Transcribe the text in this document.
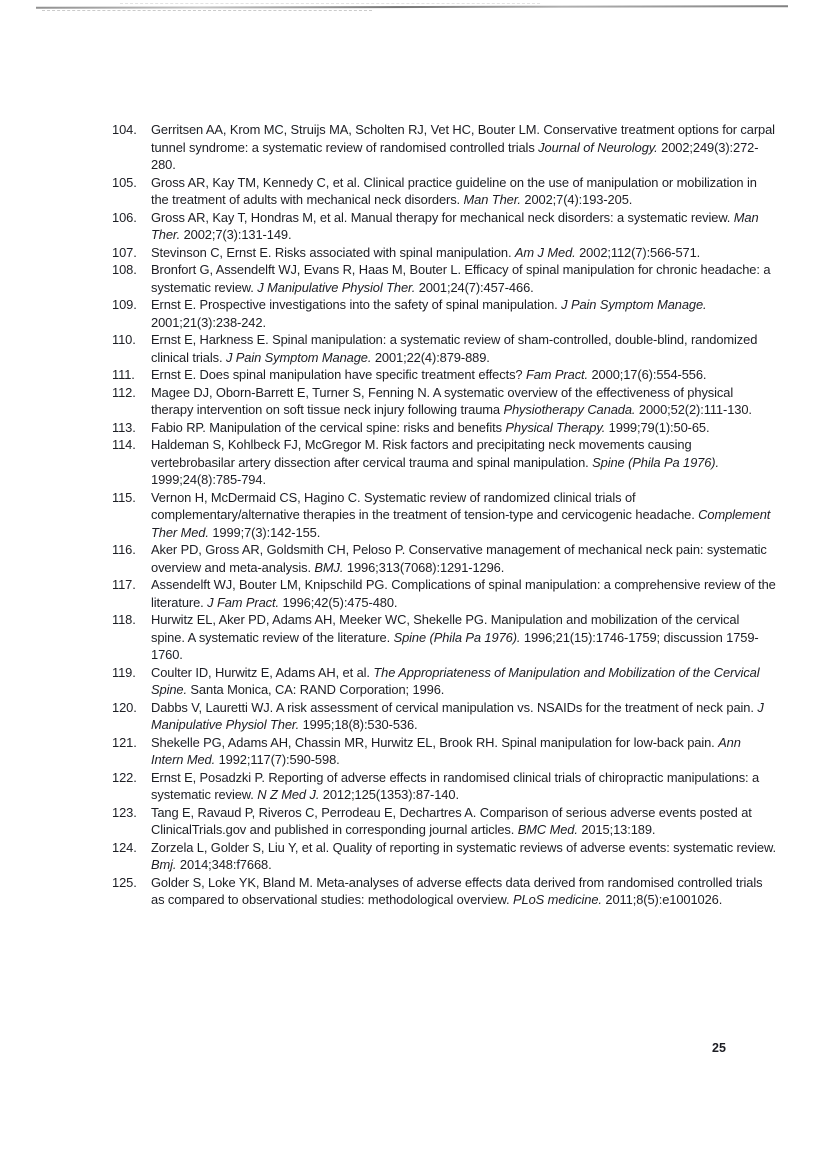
104.	Gerritsen AA, Krom MC, Struijs MA, Scholten RJ, Vet HC, Bouter LM. Conservative treatment options for carpal tunnel syndrome: a systematic review of randomised controlled trials Journal of Neurology. 2002;249(3):272-280.
105.	Gross AR, Kay TM, Kennedy C, et al. Clinical practice guideline on the use of manipulation or mobilization in the treatment of adults with mechanical neck disorders. Man Ther. 2002;7(4):193-205.
106.	Gross AR, Kay T, Hondras M, et al. Manual therapy for mechanical neck disorders: a systematic review. Man Ther. 2002;7(3):131-149.
107.	Stevinson C, Ernst E. Risks associated with spinal manipulation. Am J Med. 2002;112(7):566-571.
108.	Bronfort G, Assendelft WJ, Evans R, Haas M, Bouter L. Efficacy of spinal manipulation for chronic headache: a systematic review. J Manipulative Physiol Ther. 2001;24(7):457-466.
109.	Ernst E. Prospective investigations into the safety of spinal manipulation. J Pain Symptom Manage. 2001;21(3):238-242.
110.	Ernst E, Harkness E. Spinal manipulation: a systematic review of sham-controlled, double-blind, randomized clinical trials. J Pain Symptom Manage. 2001;22(4):879-889.
111.	Ernst E. Does spinal manipulation have specific treatment effects? Fam Pract. 2000;17(6):554-556.
112.	Magee DJ, Oborn-Barrett E, Turner S, Fenning N. A systematic overview of the effectiveness of physical therapy intervention on soft tissue neck injury following trauma Physiotherapy Canada. 2000;52(2):111-130.
113.	Fabio RP. Manipulation of the cervical spine: risks and benefits Physical Therapy. 1999;79(1):50-65.
114.	Haldeman S, Kohlbeck FJ, McGregor M. Risk factors and precipitating neck movements causing vertebrobasilar artery dissection after cervical trauma and spinal manipulation. Spine (Phila Pa 1976). 1999;24(8):785-794.
115.	Vernon H, McDermaid CS, Hagino C. Systematic review of randomized clinical trials of complementary/alternative therapies in the treatment of tension-type and cervicogenic headache. Complement Ther Med. 1999;7(3):142-155.
116.	Aker PD, Gross AR, Goldsmith CH, Peloso P. Conservative management of mechanical neck pain: systematic overview and meta-analysis. BMJ. 1996;313(7068):1291-1296.
117.	Assendelft WJ, Bouter LM, Knipschild PG. Complications of spinal manipulation: a comprehensive review of the literature. J Fam Pract. 1996;42(5):475-480.
118.	Hurwitz EL, Aker PD, Adams AH, Meeker WC, Shekelle PG. Manipulation and mobilization of the cervical spine. A systematic review of the literature. Spine (Phila Pa 1976). 1996;21(15):1746-1759; discussion 1759-1760.
119.	Coulter ID, Hurwitz E, Adams AH, et al. The Appropriateness of Manipulation and Mobilization of the Cervical Spine. Santa Monica, CA: RAND Corporation; 1996.
120.	Dabbs V, Lauretti WJ. A risk assessment of cervical manipulation vs. NSAIDs for the treatment of neck pain. J Manipulative Physiol Ther. 1995;18(8):530-536.
121.	Shekelle PG, Adams AH, Chassin MR, Hurwitz EL, Brook RH. Spinal manipulation for low-back pain. Ann Intern Med. 1992;117(7):590-598.
122.	Ernst E, Posadzki P. Reporting of adverse effects in randomised clinical trials of chiropractic manipulations: a systematic review. N Z Med J. 2012;125(1353):87-140.
123.	Tang E, Ravaud P, Riveros C, Perrodeau E, Dechartres A. Comparison of serious adverse events posted at ClinicalTrials.gov and published in corresponding journal articles. BMC Med. 2015;13:189.
124.	Zorzela L, Golder S, Liu Y, et al. Quality of reporting in systematic reviews of adverse events: systematic review. Bmj. 2014;348:f7668.
125.	Golder S, Loke YK, Bland M. Meta-analyses of adverse effects data derived from randomised controlled trials as compared to observational studies: methodological overview. PLoS medicine. 2011;8(5):e1001026.
25
